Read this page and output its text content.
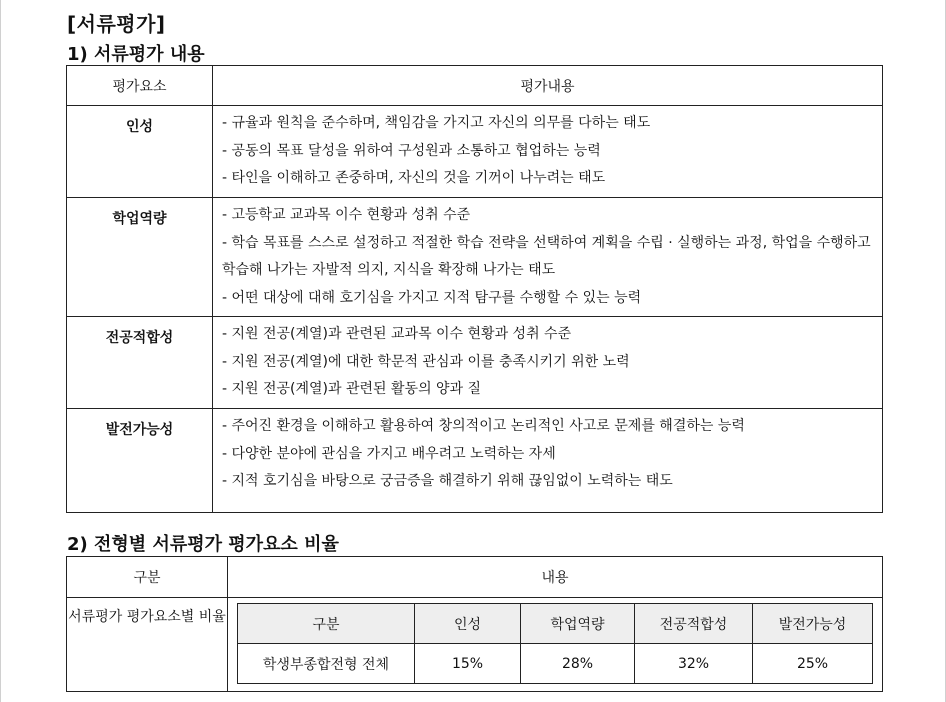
[서류평가]
1) 서류평가 내용
평가요소	평가내용
인성	- 규율과 원칙을 준수하며, 책임감을 가지고 자신의 의무를 다하는 태도
- 공동의 목표 달성을 위하여 구성원과 소통하고 협업하는 능력
- 타인을 이해하고 존중하며, 자신의 것을 기꺼이 나누려는 태도

학업역량	- 고등학교 교과목 이수 현황과 성취 수준
- 학습 목표를 스스로 설정하고 적절한 학습 전략을 선택하여 계획을 수립 · 실행하는 과정, 학업을 수행하고 학습해 나가는 자발적 의지, 지식을 확장해 나가는 태도
- 어떤 대상에 대해 호기심을 가지고 지적 탐구를 수행할 수 있는 능력

전공적합성	- 지원 전공(계열)과 관련된 교과목 이수 현황과 성취 수준
- 지원 전공(계열)에 대한 학문적 관심과 이를 충족시키기 위한 노력
- 지원 전공(계열)과 관련된 활동의 양과 질

발전가능성	- 주어진 환경을 이해하고 활용하여 창의적이고 논리적인 사고로 문제를 해결하는 능력
- 다양한 분야에 관심을 가지고 배우려고 노력하는 자세
- 지적 호기심을 바탕으로 궁금증을 해결하기 위해 끊임없이 노력하는 태도
2) 전형별 서류평가 평가요소 비율
구분	내용
서류평가 평가요소별 비율		구분	인성	학업역량	전공적합성	발전가능성
학생부종합전형 전체	15%	28%	32%	25%
